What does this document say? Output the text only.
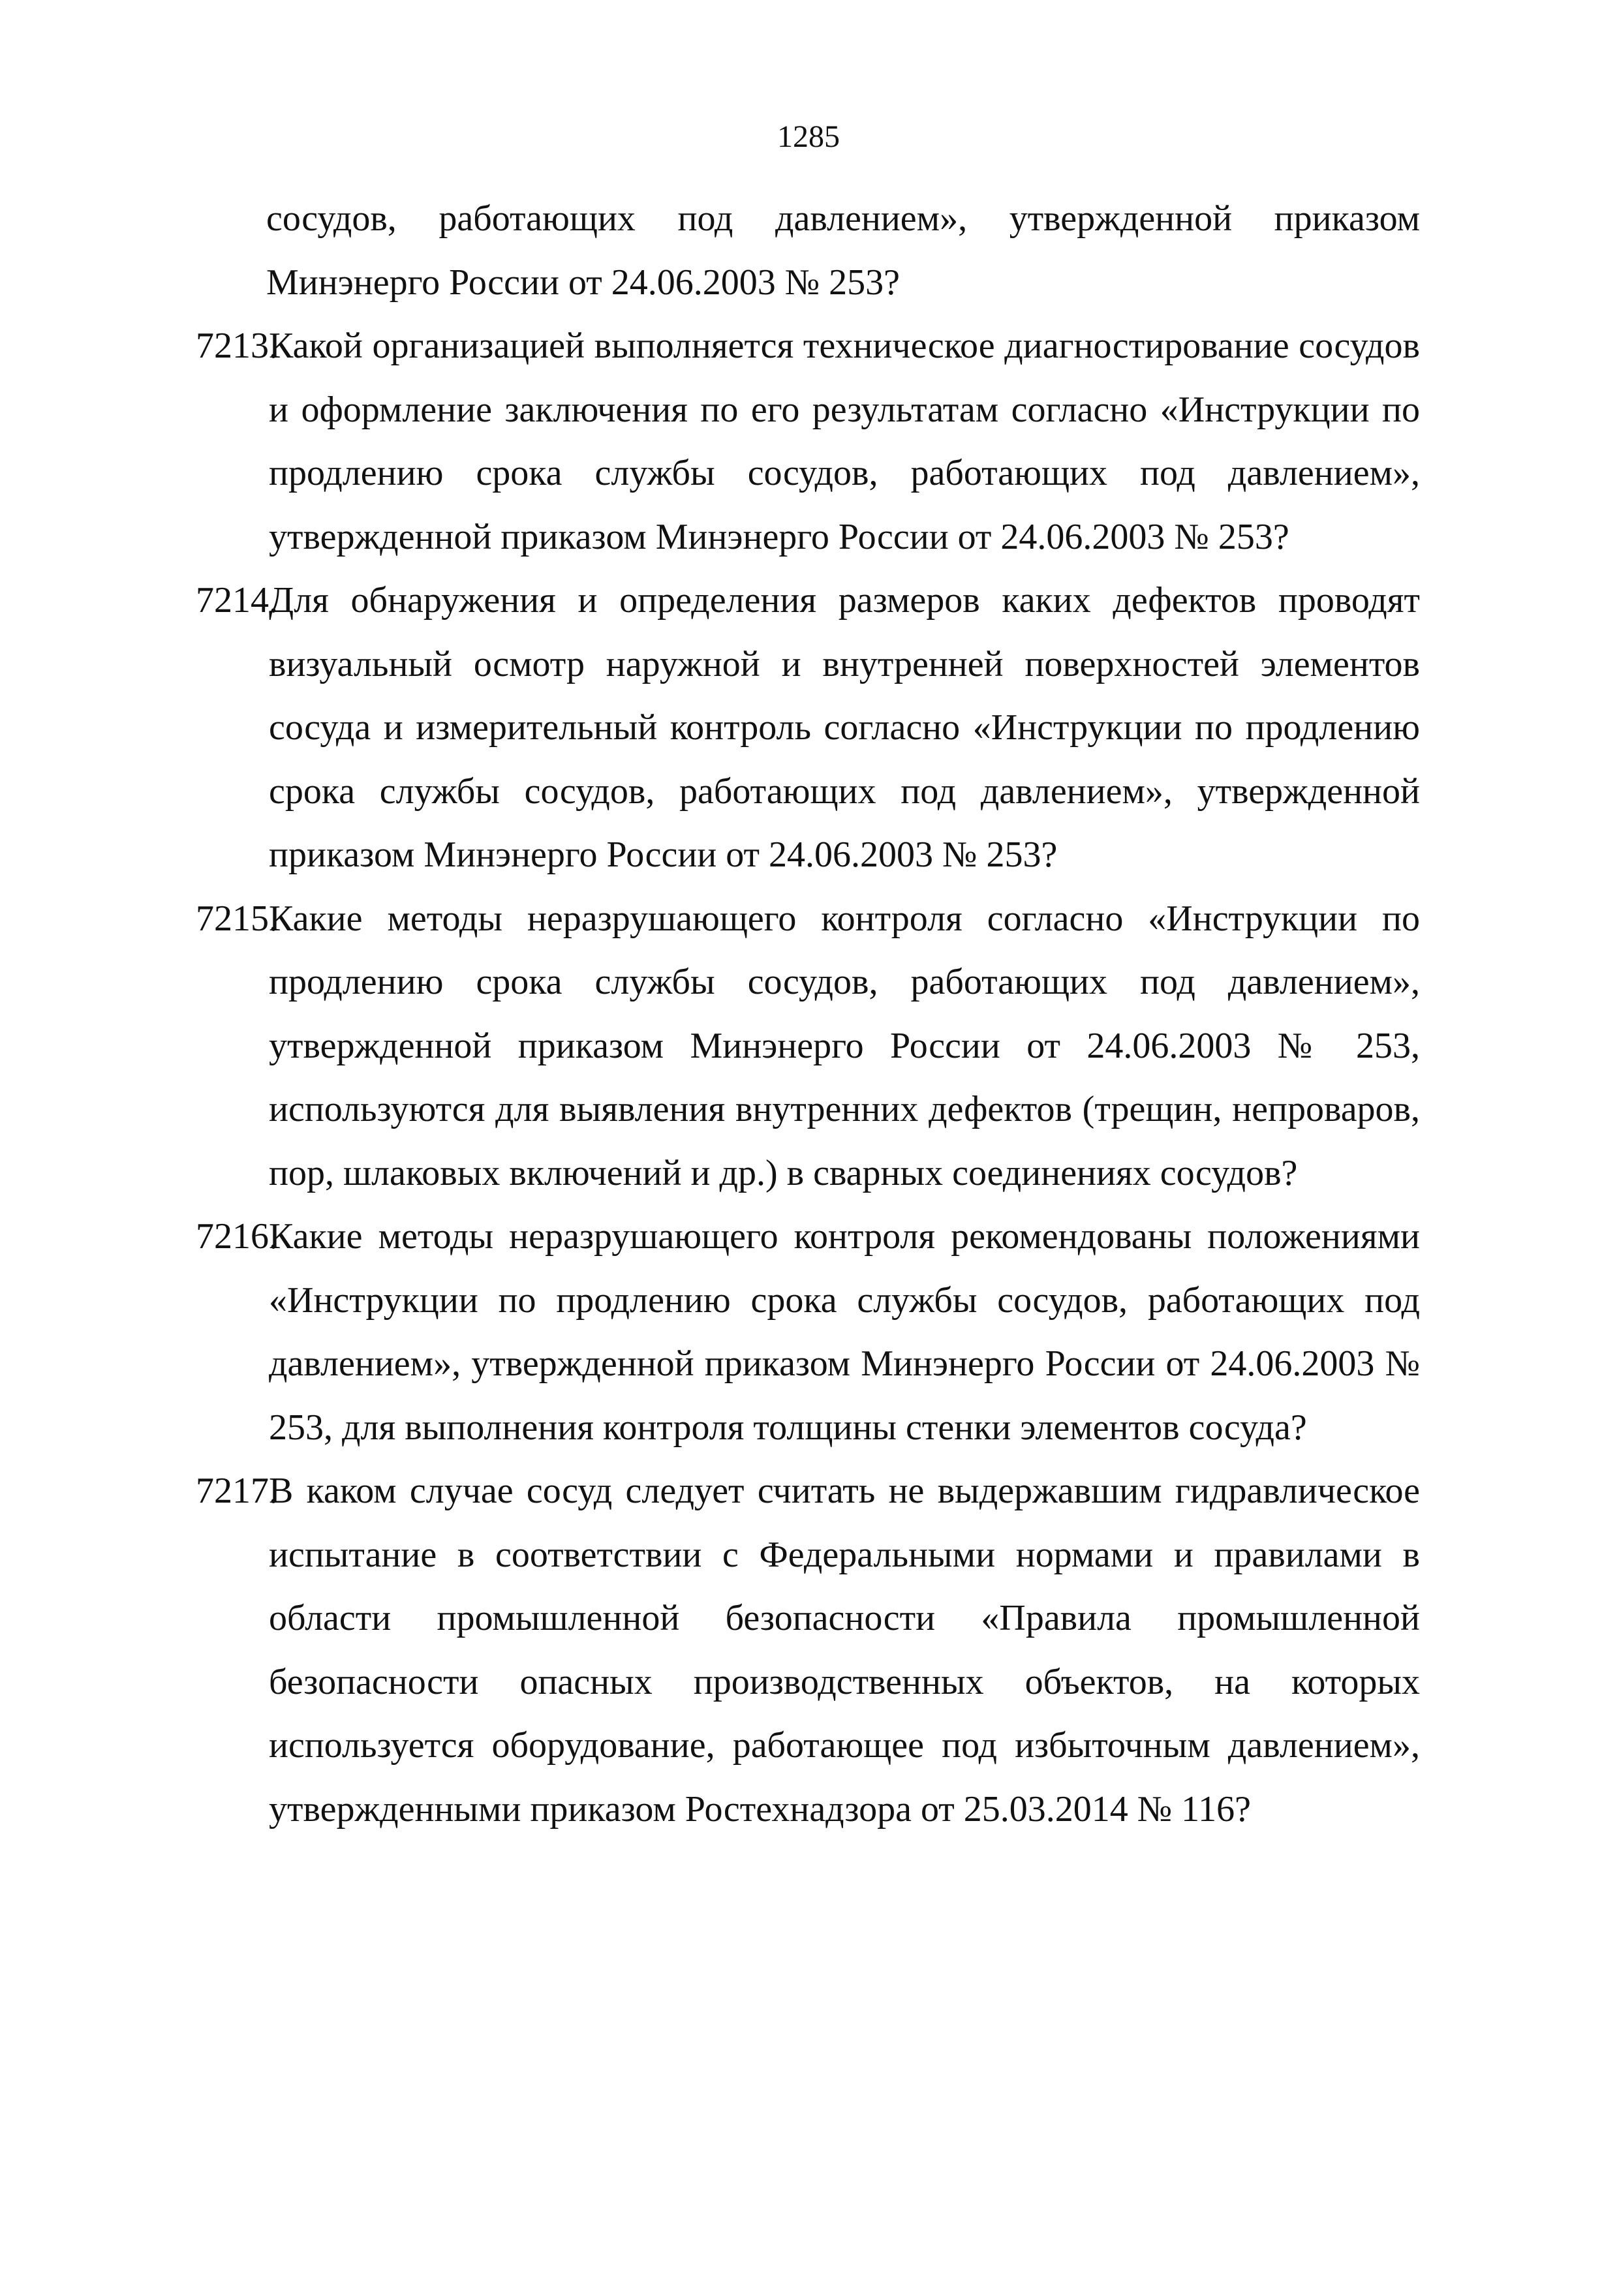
1285

сосудов, работающих под давлением», утвержденной приказом Минэнерго России от 24.06.2003 № 253?

7213.

Какой организацией выполняется техническое диагностирование сосудов и оформление заключения по его результатам согласно «Инструкции по продлению срока службы сосудов, работающих под давлением», утвержденной приказом Минэнерго России от 24.06.2003 № 253?

7214.

Для обнаружения и определения размеров каких дефектов проводят визуальный осмотр наружной и внутренней поверхностей элементов сосуда и измерительный контроль согласно «Инструкции по продлению срока службы сосудов, работающих под давлением», утвержденной приказом Минэнерго России от 24.06.2003 № 253?

7215.

Какие методы неразрушающего контроля согласно «Инструкции по продлению срока службы сосудов, работающих под давлением», утвержденной приказом Минэнерго России от 24.06.2003 № 253, используются для выявления внутренних дефектов (трещин, непроваров, пор, шлаковых включений и др.) в сварных соединениях сосудов?

7216.

Какие методы неразрушающего контроля рекомендованы положениями «Инструкции по продлению срока службы сосудов, работающих под давлением», утвержденной приказом Минэнерго России от 24.06.2003 № 253, для выполнения контроля толщины стенки элементов сосуда?

7217.

В каком случае сосуд следует считать не выдержавшим гидравлическое испытание в соответствии с Федеральными нормами и правилами в области промышленной безопасности «Правила промышленной безопасности опасных производственных объектов, на которых используется оборудование, работающее под избыточным давлением», утвержденными приказом Ростехнадзора от 25.03.2014 № 116?
